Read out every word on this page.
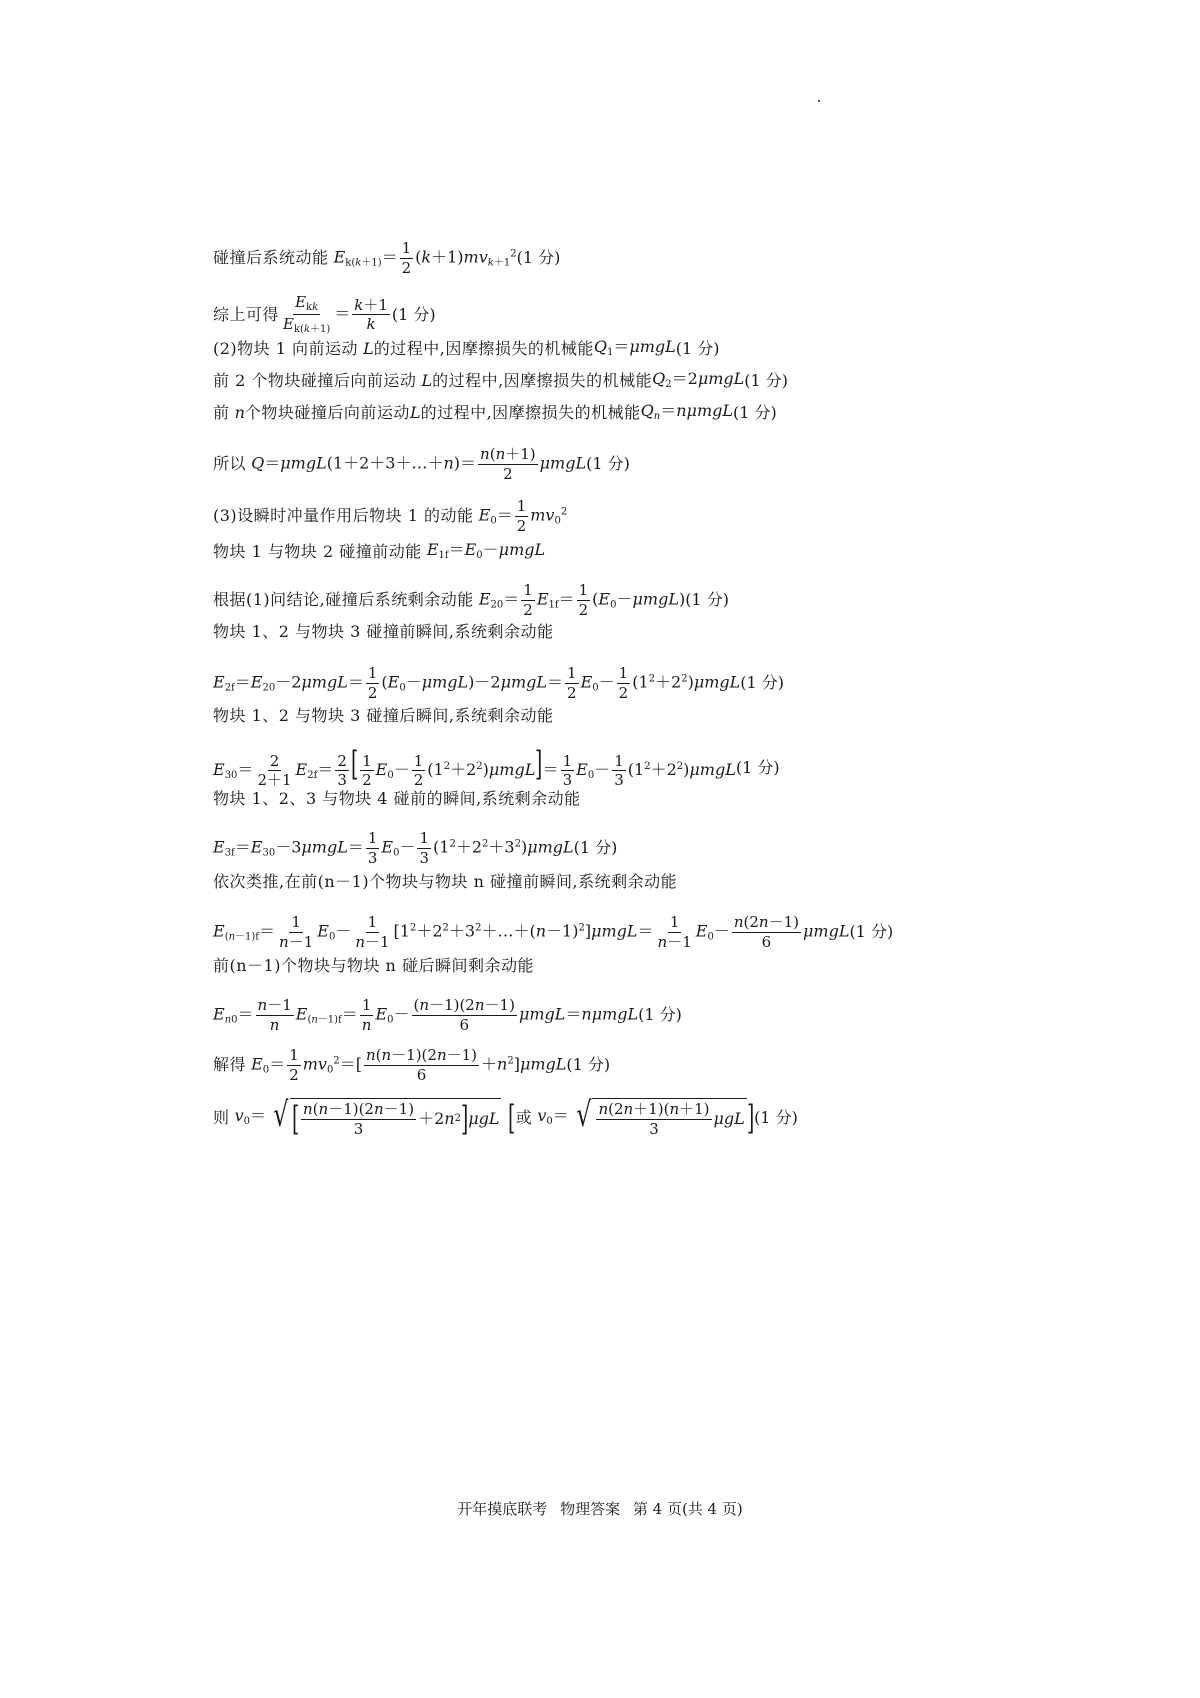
碰撞后系统动能 $E_{k(k+1)}= \frac{1}{2} (k+1)mv_{k+1}^2$ (1 分)
综上可得 $\frac{E_{kk}}{E_{k(k+1)}} = \frac{k+1}{k} (1$ 分)
(2)物块 1 向前运动 L 的过程中,因摩擦损失的机械能 $Q_1=\mu mgL$ (1 分)
前 2 个物块碰撞后向前运动 L 的过程中,因摩擦损失的机械能 $Q_2=2\mu mgL$ (1 分)
前 n 个物块碰撞后向前运动 L 的过程中,因摩擦损失的机械能 $Q_n=n\mu mgL$ (1 分)
所以 Q＝μmgL(1＋2＋3＋…＋n)＝ $\frac{n(n+1)}{2}$ μmgL (1 分)
(3)设瞬时冲量作用后物块 1 的动能 $E_0= \frac{1}{2} mv_0^2$
物块 1 与物块 2 碰撞前动能 $E_{1f}=E_0-\mu mgL$
根据(1)问结论,碰撞后系统剩余动能 $E_{20}= \frac{1}{2} E_{1f}= \frac{1}{2} (E_0-\mu mgL)$ (1 分)
物块 1、2 与物块 3 碰撞前瞬间,系统剩余动能
$E_{2f}=E_{20}-2\mu mgL= \frac{1}{2} (E_0-\mu mgL)-2\mu mgL= \frac{1}{2} E_0- \frac{1}{2} (1^2+2^2)\mu mgL$ (1 分)
物块 1、2 与物块 3 碰撞后瞬间,系统剩余动能
$E_{30}= \frac{2}{2+1} E_{2f}= \frac{2}{3}$ [ $\frac{1}{2} E_0- \frac{1}{2} (1^2+2^2)\mu mgL]= \frac{1}{3} E_0- \frac{1}{3} (1^2+2^2)\mu mgL$ (1 分)
物块 1、2、3 与物块 4 碰前的瞬间,系统剩余动能
$E_{3f}=E_{30}-3\mu mgL= \frac{1}{3} E_0- \frac{1}{3} (1^2+2^2+3^2)\mu mgL$ (1 分)
依次类推,在前(n－1)个物块与物块 n 碰撞前瞬间,系统剩余动能
$E_{(n-1)f}= \frac{1}{n-1} E_0- \frac{1}{n-1}$ $[1^2+2^2+3^2+\dots+(n-1)^2]\mu mgL= \frac{1}{n-1} E_0- \frac{n(2n-1)}{6}$ μmgL (1 分)
前(n－1)个物块与物块 n 碰后瞬间剩余动能
$E_{n0}= \frac{n-1}{n} E_{(n-1)f}= \frac{1}{n} E_0- \frac{(n-1)(2n-1)}{6} \mu mgL=n\mu mgL$ (1 分)
解得 $E_0= \frac{1}{2} mv_0^2=[ \frac{n(n-1)(2n-1)}{6} +n^2]\mu mgL$ (1 分)
则 $v_0=$ √ [ $\frac{n(n-1)(2n-1)}{3} +2$ n 2 ] μgL [ 或 $v_0=$ √ $\frac{n(2n+1)(n+1)}{3}$ μgL ] (1 分)
开年摸底联考 物理答案 第 4 页(共 4 页)
